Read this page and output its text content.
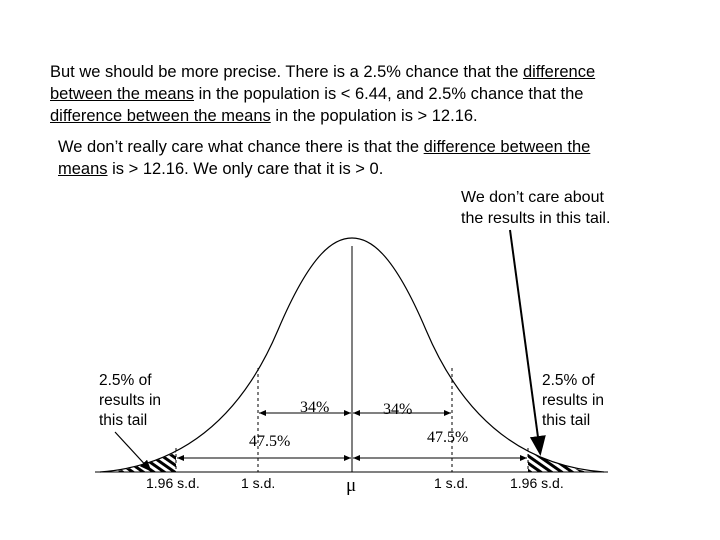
But we should be more precise. There is a 2.5% chance that the difference
between the means in the population is < 6.44, and 2.5% chance that the
difference between the means in the population is > 12.16.
We don’t really care what chance there is that the difference between the
means is > 12.16. We only care that it is > 0.
We don’t care about
the results in this tail.
2.5% of
results in
this tail
2.5% of
results in
this tail
34%	34%
47.5%	47.5%
μ
1.96 s.d.	1 s.d.	1 s.d.	1.96 s.d.
